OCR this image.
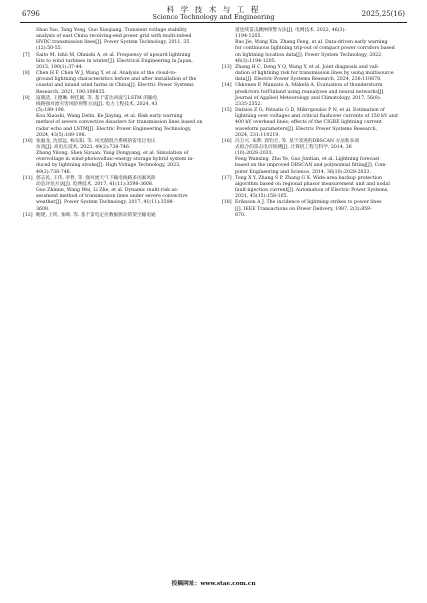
6796	科 学 技 术 与 工 程
Science Technology and Engineering	2025,25(16)
Shao Yao, Tang Yong, Guo Xiaojiang. Transient voltage stability
analysis of east China receiving-end power grid with multi-infeed
HVDC transmission lines[J]. Power System Technology, 2011, 35
(12):50-55.
[7] Saito M, Ishii M, Ohnishi A, et al. Frequency of upward lightning
hits to wind turbines in winter[J]. Electrical Engineering in Japan,
2015, 190(1):37-44.
[8] Chen H F, Chen W J, Wang Y, et al. Analysis of the cloud-to-
ground lightning characteristics before and after installation of the
coastal and inland wind farms in China[J]. Electric Power Systems
Research, 2021, 190:106835.
[9] 寇晓适, 王德琳, 柯佳颖, 等. 基于雷达回波与LSTM 的输电
线路强对流灾害风险预警方法[J]. 电力工程技术, 2024, 43
(5):189-198.
Kou Xiaoshi, Wang Delin, Ke Jiaying, et al. Risk early warning
method of severe convective disasters for transmission lines based on
radar echo and LSTM[J]. Electric Power Engineering Technology,
2024, 43(5):189-198.
[10] 张毅龙, 沈思远, 杨东阳, 等. 风光储混合系统的雷电过电压
仿真[J]. 高电压技术, 2023, 49(2):738-746.
Zhang Yilong, Shen Siyuan, Yang Dongyang, et al. Simulation of
overvoltage in wind-photovoltaic-energy storage hybrid system in-
duced by lightning stroke[J]. High Voltage Technology, 2023,
49(2):738-746.
[11] 郭志民, 王伟, 李哲, 等. 强对流天气下输电线路多因素风险
动态评估方法[J]. 电网技术, 2017, 41(11):3598-3608.
Guo Zhimin, Wang Wei, Li Zhe, et al. Dynamic multi-risk as-
sessment method of transmission lines under severe convective
weather[J]. Power System Technology, 2017, 41(11):3598-
3608.
[12] 鲍建, 王昕, 张峰, 等. 基于雷电定位数据驱动的架空输电通
道连续雷击跳闸预警方法[J]. 电网技术, 2022, 46(3):
1194-1205.
Bao Jie, Wang Xin, Zhang Feng, et al. Data-driven early warning
for continuous lightning trip-out of compact power corridors based
on lightning location data[J]. Power System Technology, 2022,
46(3):1194-1205.
[13] Zhang H C, Deng Y Q, Wang Y, et al. Joint diagnosis and vali-
dation of lightning risk for transmission lines by using multisource
data[J]. Electric Power Systems Research, 2024, 236:110878.
[14] Ukkonen P, Manzato A, Mäkelä A. Evaluation of thunderstorm
predictors forFinland using reanalyses and neural networks[J].
Journal of Applied Meteorology and Climatology, 2017, 56(8):
2335-2352.
[15] Datsios Z G, Patsalis G D, Mikropoulos P N, et al. Estimation of
lightning over voltages and critical flashover currents of 150 kV and
400 kV overhead lines; effects of the CIGRE lightning current
waveform parameters[J]. Electric Power Systems Research,
2024, 231:110219.
[16] 冯万兴, 朱晔, 郭钧天, 等. 基于改进的DBSCAN 方法和多项
式拟合的雷击电闪预测[J]. 计算机工程与科学, 2014, 36
(10):2028-2033.
Feng Wanxing, Zhu Ye, Guo Juntian, et al. Lightning forecast
based on the improved DBSCAN and polynomial fitting[J]. Com-
puter Engineering and Science, 2014, 36(10):2028-2033.
[17] Tong X Y, Zhang S P, Zhang G X. Wide-area backup protection
algorithm based on regional phasor measurement unit and nodal
fault-injection current[J]. Automation of Electric Power Systems,
2021, 45(15):158-165.
[18] Eriksson A J. The incidence of lightning strikes to power lines
[J]. IEEE Transactions on Power Delivery, 1987, 2(3):859-
870.
投稿网址：www.stae.com.cn
